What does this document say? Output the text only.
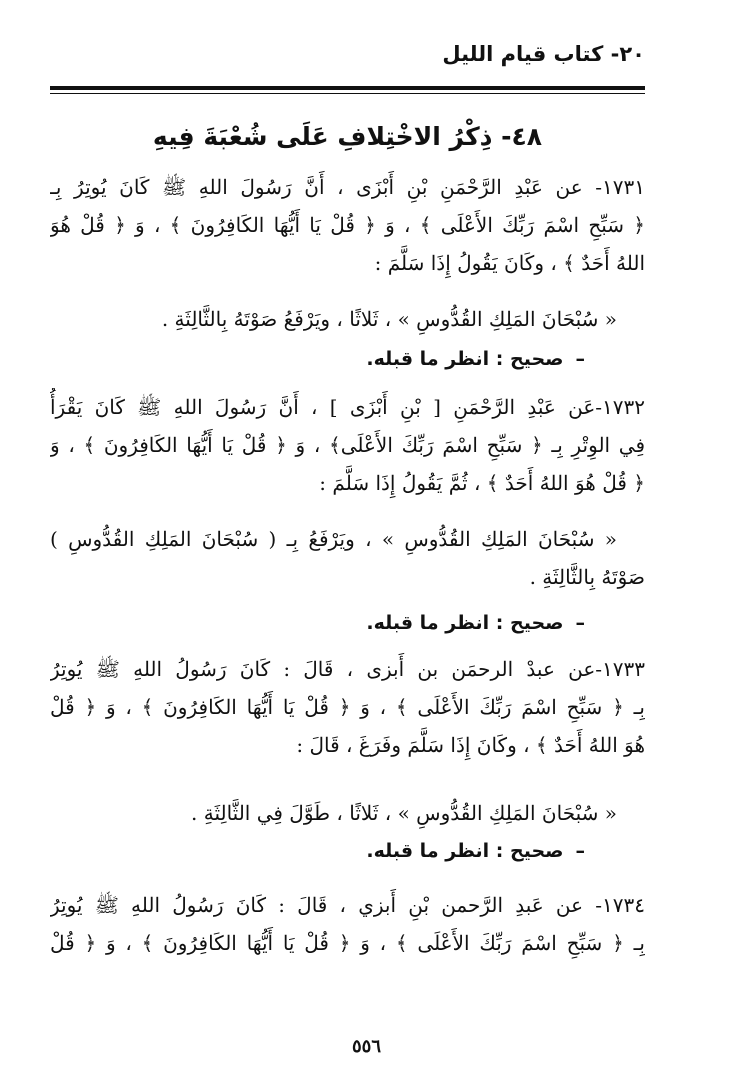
٢٠- كتاب قيام الليل
٤٨- ذِكْرُ الاخْتِلافِ عَلَى شُعْبَةَ فِيهِ
١٧٣١- عن عَبْدِ الرَّحْمَنِ بْنِ أَبْزَى ، أَنَّ رَسُولَ اللهِ ﷺ كَانَ يُوتِرُ بِـ
﴿ سَبِّحِ اسْمَ رَبِّكَ الأَعْلَى ﴾ ، وَ ﴿ قُلْ يَا أَيُّهَا الكَافِرُونَ ﴾ ، وَ ﴿ قُلْ هُوَ
اللهُ أَحَدٌ ﴾ ، وكَانَ يَقُولُ إِذَا سَلَّمَ :
« سُبْحَانَ المَلِكِ القُدُّوسِ » ، ثَلاثًا ، ويَرْفَعُ صَوْتَهُ بِالثَّالِثَةِ .
–صحيح : انظر ما قبله.
١٧٣٢-عَن عَبْدِ الرَّحْمَنِ [ بْنِ أَبْزَى ] ، أَنَّ رَسُولَ اللهِ ﷺ كَانَ يَقْرَأُ
فِي الوِتْرِ بِـ ﴿ سَبِّحِ اسْمَ رَبِّكَ الأَعْلَى﴾ ، وَ ﴿ قُلْ يَا أَيُّهَا الكَافِرُونَ ﴾ ، وَ
﴿ قُلْ هُوَ اللهُ أَحَدٌ ﴾ ، ثُمَّ يَقُولُ إِذَا سَلَّمَ :
« سُبْحَانَ المَلِكِ القُدُّوسِ » ، ويَرْفَعُ بِـ ( سُبْحَانَ المَلِكِ القُدُّوسِ )
صَوْتَهُ بِالثَّالِثَةِ .
–صحيح : انظر ما قبله.
١٧٣٣-عن عبدْ الرحمَن بن أَبزى ، قَالَ : كَانَ رَسُولُ اللهِ ﷺ يُوتِرُ
بِـ ﴿ سَبِّحِ اسْمَ رَبِّكَ الأَعْلَى ﴾ ، وَ ﴿ قُلْ يَا أَيُّهَا الكَافِرُونَ ﴾ ، وَ ﴿ قُلْ
هُوَ اللهُ أَحَدٌ ﴾ ، وكَانَ إِذَا سَلَّمَ وفَرَغَ ، قَالَ :
« سُبْحَانَ المَلِكِ القُدُّوسِ » ، ثَلاثًا ، طَوَّلَ فِي الثَّالِثَةِ .
–صحيح : انظر ما قبله.
١٧٣٤- عن عَبدِ الرَّحمن بْنِ أَبزي ، قَالَ : كَانَ رَسُولُ اللهِ ﷺ يُوتِرُ
بِـ ﴿ سَبِّحِ اسْمَ رَبِّكَ الأَعْلَى ﴾ ، وَ ﴿ قُلْ يَا أَيُّهَا الكَافِرُونَ ﴾ ، وَ ﴿ قُلْ
٥٥٦
